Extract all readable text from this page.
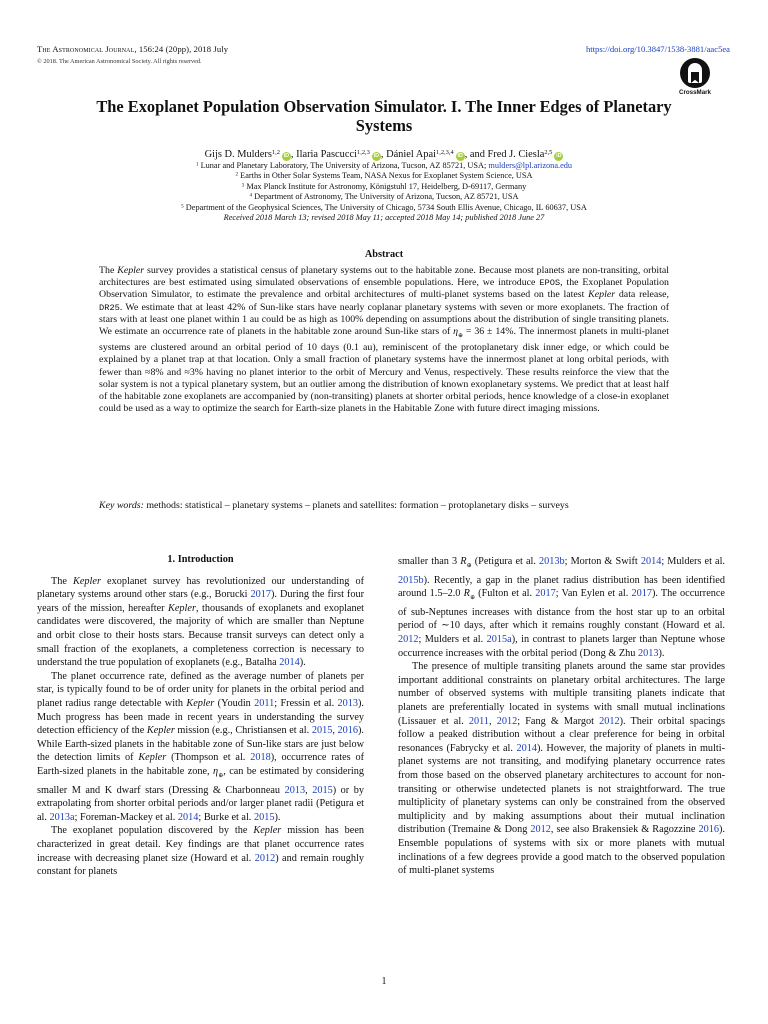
The Astronomical Journal, 156:24 (20pp), 2018 July
© 2018. The American Astronomical Society. All rights reserved.
https://doi.org/10.3847/1538-3881/aac5ea
CrossMark
The Exoplanet Population Observation Simulator. I. The Inner Edges of Planetary
Systems
Gijs D. Mulders$^{1,2}$ iD , Ilaria Pascucci$^{1,2,3}$ iD , Dániel Apai$^{1,2,3,4}$ iD , and Fred J. Ciesla$^{2,5}$ iD
$^1$ Lunar and Planetary Laboratory, The University of Arizona, Tucson, AZ 85721, USA; mulders@lpl.arizona.edu
$^2$ Earths in Other Solar Systems Team, NASA Nexus for Exoplanet System Science, USA
$^3$ Max Planck Institute for Astronomy, Königstuhl 17, Heidelberg, D-69117, Germany
$^4$ Department of Astronomy, The University of Arizona, Tucson, AZ 85721, USA
$^5$ Department of the Geophysical Sciences, The University of Chicago, 5734 South Ellis Avenue, Chicago, IL 60637, USA
Received 2018 March 13; revised 2018 May 11; accepted 2018 May 14; published 2018 June 27
Abstract
The Kepler survey provides a statistical census of planetary systems out to the habitable zone. Because most planets are non-transiting, orbital architectures are best estimated using simulated observations of ensemble populations. Here, we introduce EPOS, the Exoplanet Population Observation Simulator, to estimate the prevalence and orbital architectures of multi-planet systems based on the latest Kepler data release, DR25. We estimate that at least 42% of Sun-like stars have nearly coplanar planetary systems with seven or more exoplanets. The fraction of stars with at least one planet within 1 au could be as high as 100% depending on assumptions about the distribution of single transiting planets. We estimate an occurrence rate of planets in the habitable zone around Sun-like stars of $\eta_\oplus = 36 \pm 14\%$. The innermost planets in multi-planet systems are clustered around an orbital period of 10 days (0.1 au), reminiscent of the protoplanetary disk inner edge, or which could be explained by a planet trap at that location. Only a small fraction of planetary systems have the innermost planet at long orbital periods, with fewer than ≈8% and ≈3% having no planet interior to the orbit of Mercury and Venus, respectively. These results reinforce the view that the solar system is not a typical planetary system, but an outlier among the distribution of known exoplanetary systems. We predict that at least half of the habitable zone exoplanets are accompanied by (non-transiting) planets at shorter orbital periods, hence knowledge of a close-in exoplanet could be used as a way to optimize the search for Earth-size planets in the Habitable Zone with future direct imaging missions.
Key words: methods: statistical – planetary systems – planets and satellites: formation – protoplanetary disks – surveys
1. Introduction

The Kepler exoplanet survey has revolutionized our understanding of planetary systems around other stars (e.g., Borucki 2017). During the first four years of the mission, hereafter Kepler, thousands of exoplanets and exoplanet candidates were discovered, the majority of which are smaller than Neptune and orbit close to their hosts stars. Because transit surveys can detect only a small fraction of the exoplanets, a completeness correction is necessary to understand the true population of exoplanets (e.g., Batalha 2014).

The planet occurrence rate, defined as the average number of planets per star, is typically found to be of order unity for planets in the orbital period and planet radius range detectable with Kepler (Youdin 2011; Fressin et al. 2013). Much progress has been made in recent years in understanding the survey detection efficiency of the Kepler mission (e.g., Christiansen et al. 2015, 2016). While Earth-sized planets in the habitable zone of Sun-like stars are just below the detection limits of Kepler (Thompson et al. 2018), occurrence rates of Earth-sized planets in the habitable zone, $\eta_\oplus$, can be estimated by considering smaller M and K dwarf stars (Dressing & Charbonneau 2013, 2015) or by extrapolating from shorter orbital periods and/or larger planet radii (Petigura et al. 2013a; Foreman-Mackey et al. 2014; Burke et al. 2015).

The exoplanet population discovered by the Kepler mission has been characterized in great detail. Key findings are that planet occurrence rates increase with decreasing planet size (Howard et al. 2012) and remain roughly constant for planets

smaller than 3 $R_\oplus$ (Petigura et al. 2013b; Morton & Swift 2014; Mulders et al. 2015b). Recently, a gap in the planet radius distribution has been identified around 1.5–2.0 $R_\oplus$ (Fulton et al. 2017; Van Eylen et al. 2017). The occurrence of sub-Neptunes increases with distance from the host star up to an orbital period of ∼10 days, after which it remains roughly constant (Howard et al. 2012; Mulders et al. 2015a), in contrast to planets larger than Neptune whose occurrence increases with the orbital period (Dong & Zhu 2013).

The presence of multiple transiting planets around the same star provides important additional constraints on planetary orbital architectures. The large number of observed systems with multiple transiting planets indicate that planets are preferentially located in systems with small mutual inclinations (Lissauer et al. 2011, 2012; Fang & Margot 2012). Their orbital spacings follow a peaked distribution without a clear preference for being in orbital resonances (Fabrycky et al. 2014). However, the majority of planets in multi-planet systems are not transiting, and modifying planetary occurrence rates from those based on the observed planetary architectures to account for non-transiting or otherwise undetected planets is not straightforward. The true multiplicity of planetary systems can only be constrained from the observed multiplicity and by making assumptions about their mutual inclination distribution (Tremaine & Dong 2012, see also Brakensiek & Ragozzine 2016). Ensemble populations of systems with six or more planets with mutual inclinations of a few degrees provide a good match to the observed population of multi-planet systems

1
